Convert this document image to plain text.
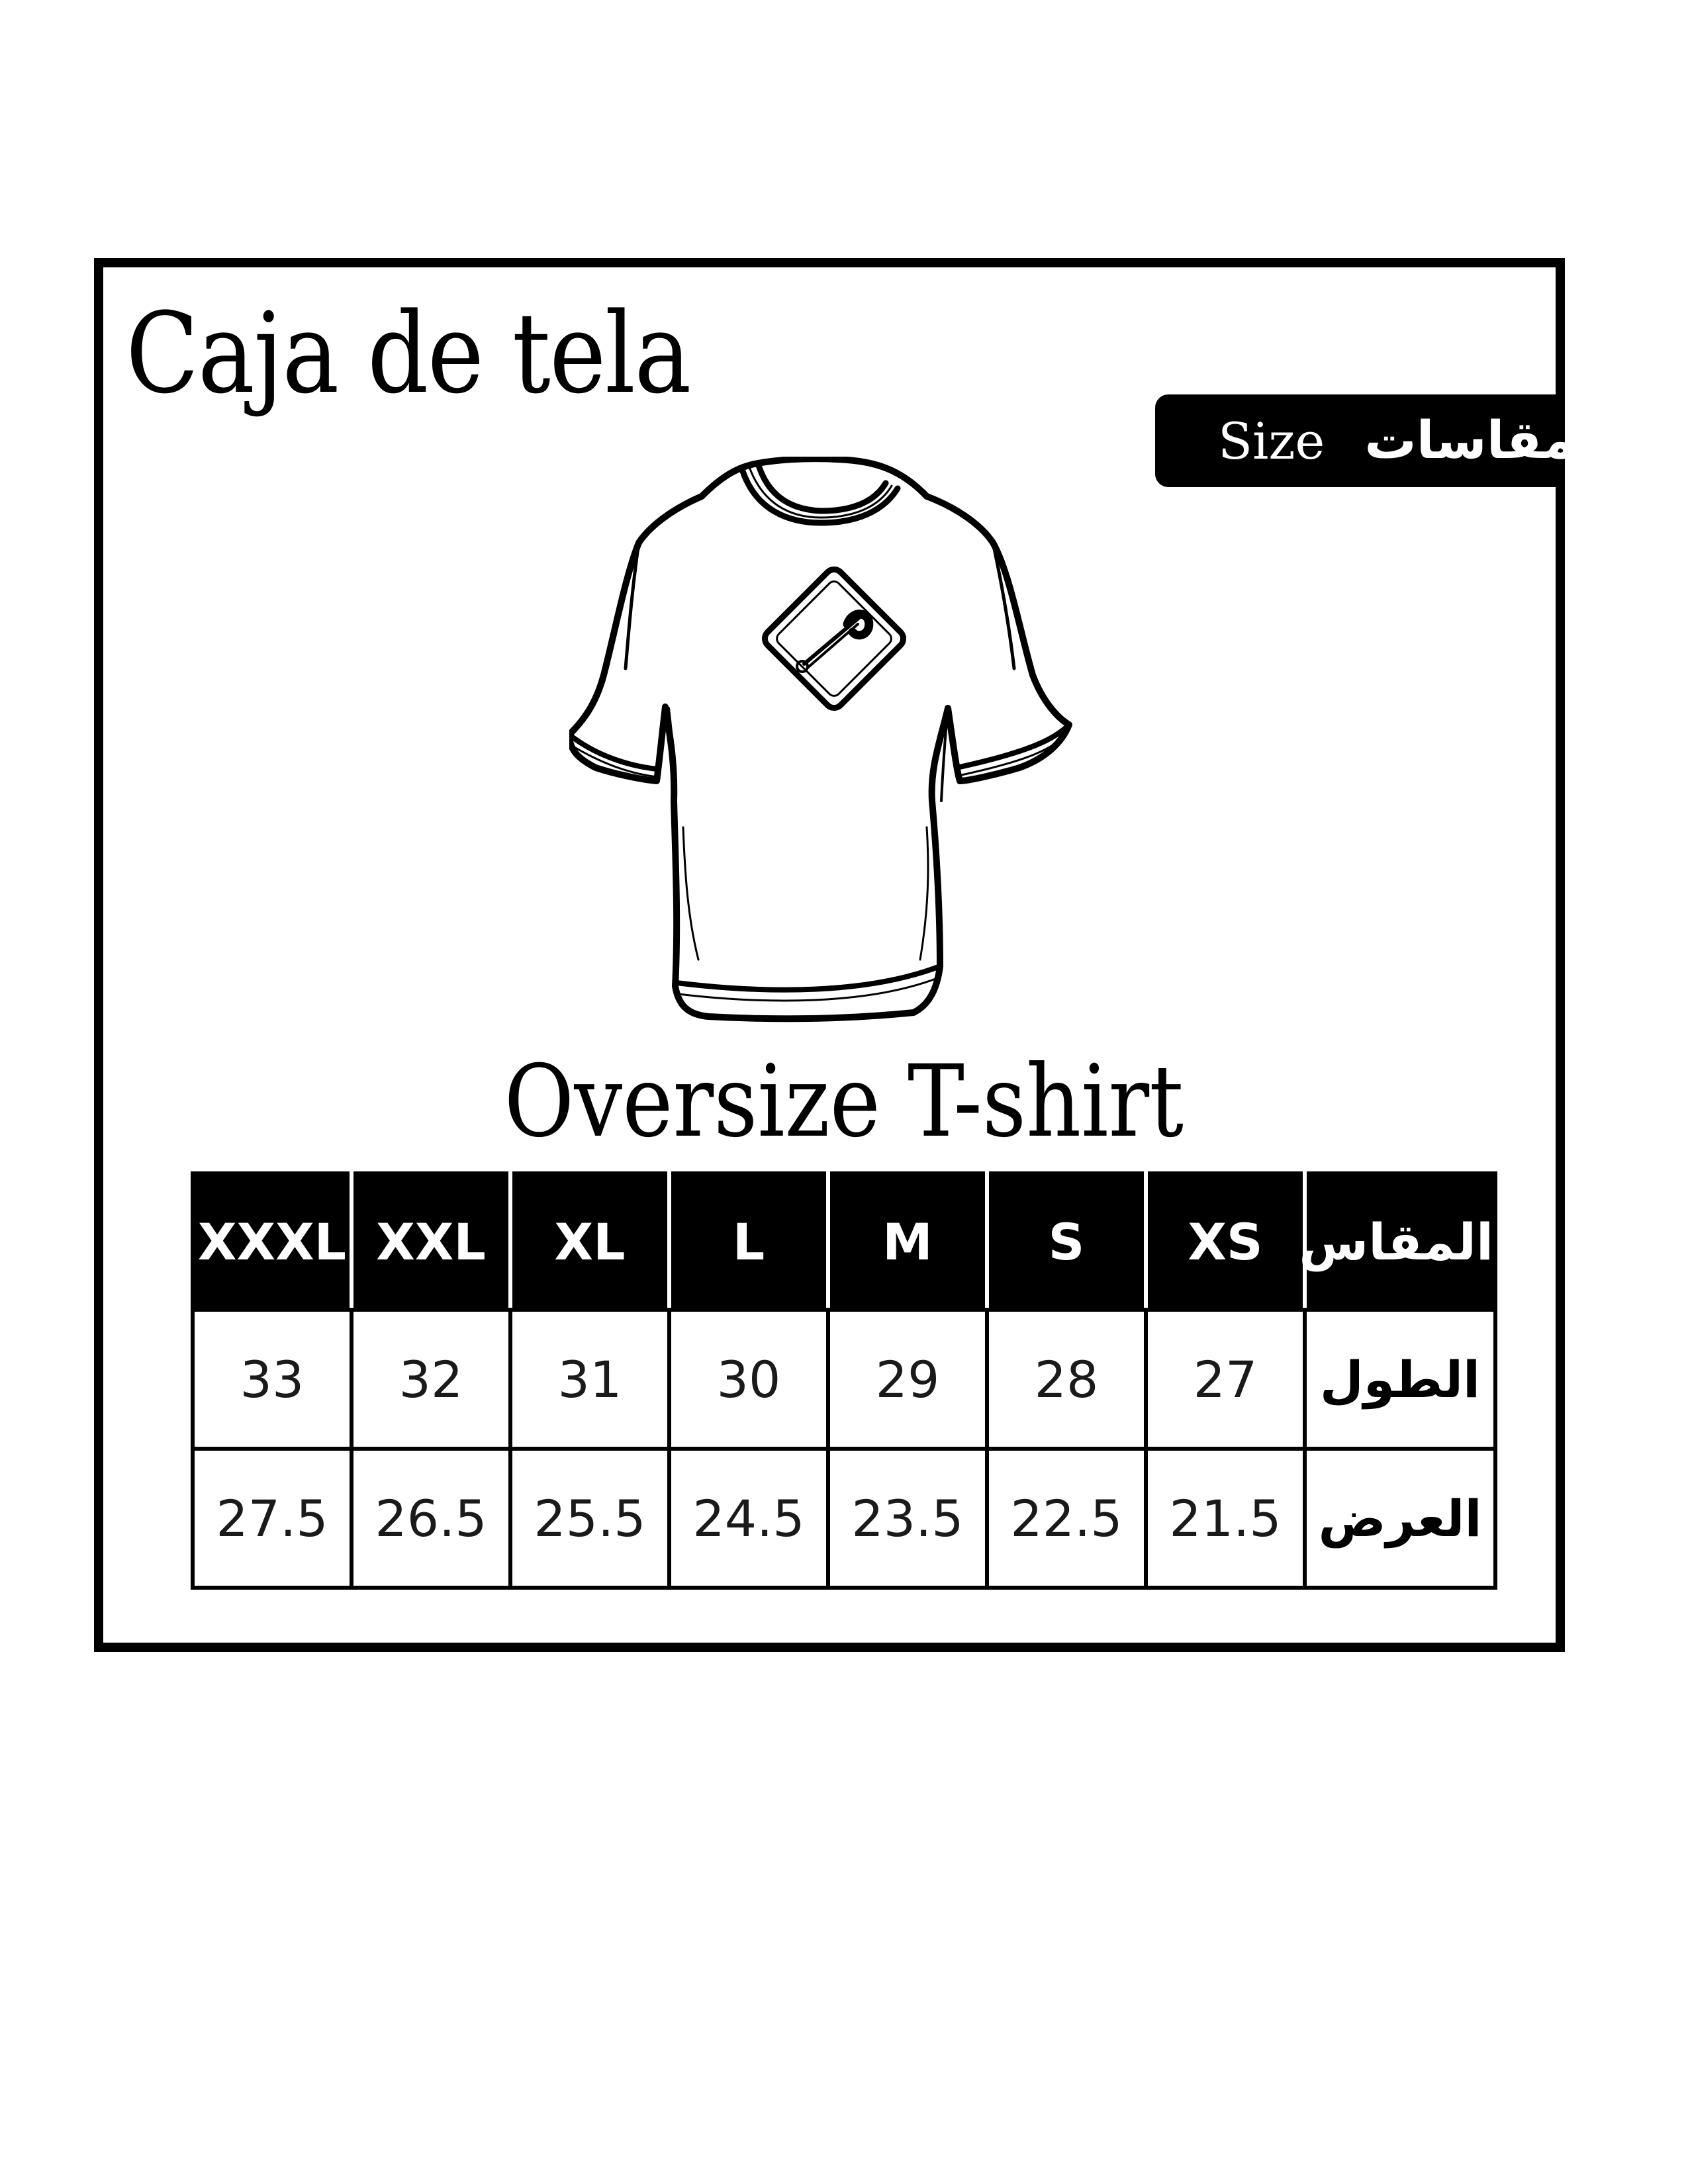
Caja de tela
Size مقاسات
Oversize T-shirt
XXXL	XXL	XL	L	M	S	XS	المقاس
33	32	31	30	29	28	27	الطول
27.5	26.5	25.5	24.5	23.5	22.5	21.5	العرض
